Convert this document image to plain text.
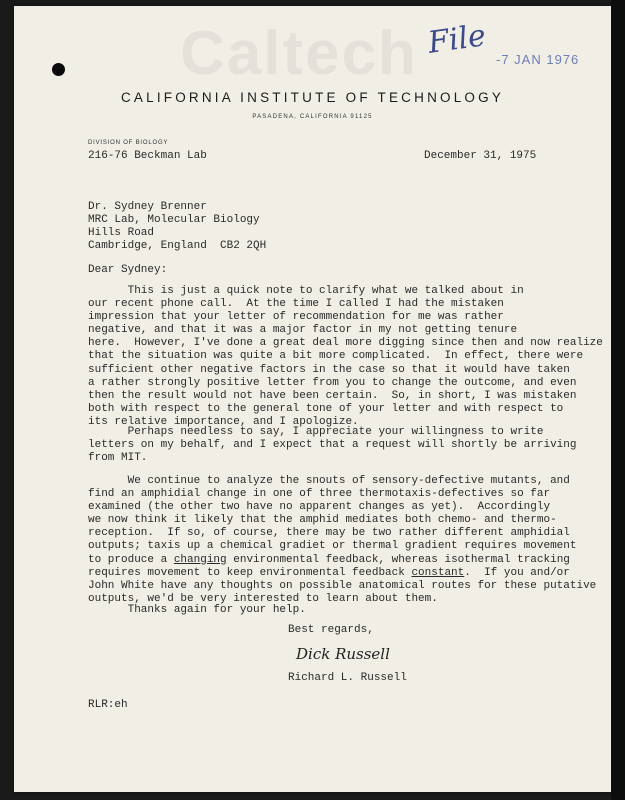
Caltech File -7 JAN 1976
CALIFORNIA INSTITUTE OF TECHNOLOGY
PASADENA, CALIFORNIA 91125
DIVISION OF BIOLOGY
216-76 Beckman Lab	December 31, 1975
Dr. Sydney Brenner
MRC Lab, Molecular Biology
Hills Road
Cambridge, England  CB2 2QH
Dear Sydney:
This is just a quick note to clarify what we talked about in
our recent phone call.  At the time I called I had the mistaken
impression that your letter of recommendation for me was rather
negative, and that it was a major factor in my not getting tenure
here.  However, I've done a great deal more digging since then and now realize
that the situation was quite a bit more complicated.  In effect, there were
sufficient other negative factors in the case so that it would have taken
a rather strongly positive letter from you to change the outcome, and even
then the result would not have been certain.  So, in short, I was mistaken
both with respect to the general tone of your letter and with respect to
its relative importance, and I apologize.
Perhaps needless to say, I appreciate your willingness to write
letters on my behalf, and I expect that a request will shortly be arriving
from MIT.
We continue to analyze the snouts of sensory-defective mutants, and
find an amphidial change in one of three thermotaxis-defectives so far
examined (the other two have no apparent changes as yet).  Accordingly
we now think it likely that the amphid mediates both chemo- and thermo-
reception.  If so, of course, there may be two rather different amphidial
outputs; taxis up a chemical gradiet or thermal gradient requires movement
to produce a changing environmental feedback, whereas isothermal tracking
requires movement to keep environmental feedback constant.  If you and/or
John White have any thoughts on possible anatomical routes for these putative
outputs, we'd be very interested to learn about them.
Thanks again for your help.
Best regards,
Dick Russell
Richard L. Russell
RLR:eh
